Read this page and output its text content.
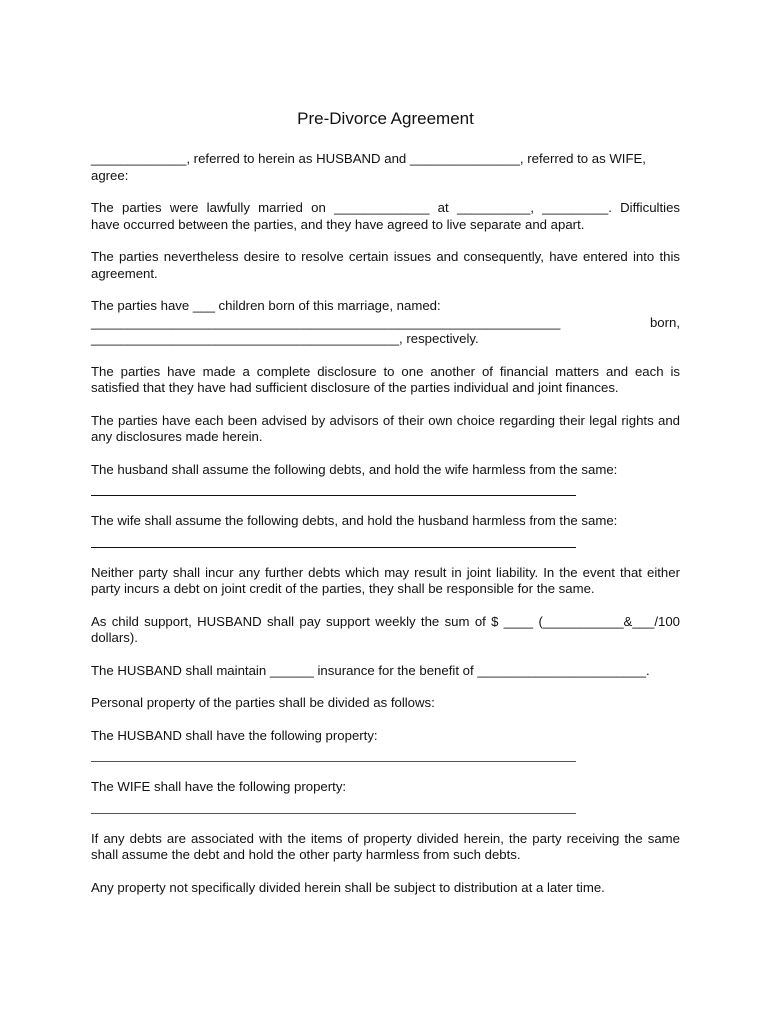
Pre-Divorce Agreement
_____________, referred to herein as HUSBAND and _______________, referred to as WIFE,
agree:
The parties were lawfully married on _____________ at __________, _________. Difficulties
have occurred between the parties, and they have agreed to live separate and apart.
The parties nevertheless desire to resolve certain issues and consequently, have entered into this agreement.
The parties have ___ children born of this marriage, named:
________________________________________________________________	born,
__________________________________________, respectively.
The parties have made a complete disclosure to one another of financial matters and each is satisfied that they have had sufficient disclosure of the parties individual and joint finances.
The parties have each been advised by advisors of their own choice regarding their legal rights and any disclosures made herein.
The husband shall assume the following debts, and hold the wife harmless from the same:
The wife shall assume the following debts, and hold the husband harmless from the same:
Neither party shall incur any further debts which may result in joint liability. In the event that either party incurs a debt on joint credit of the parties, they shall be responsible for the same.
As child support, HUSBAND shall pay support weekly the sum of $ ____ (___________&___/100
dollars).
The HUSBAND shall maintain ______ insurance for the benefit of _______________________.
Personal property of the parties shall be divided as follows:
The HUSBAND shall have the following property:
The WIFE shall have the following property:
If any debts are associated with the items of property divided herein, the party receiving the same shall assume the debt and hold the other party harmless from such debts.
Any property not specifically divided herein shall be subject to distribution at a later time.
